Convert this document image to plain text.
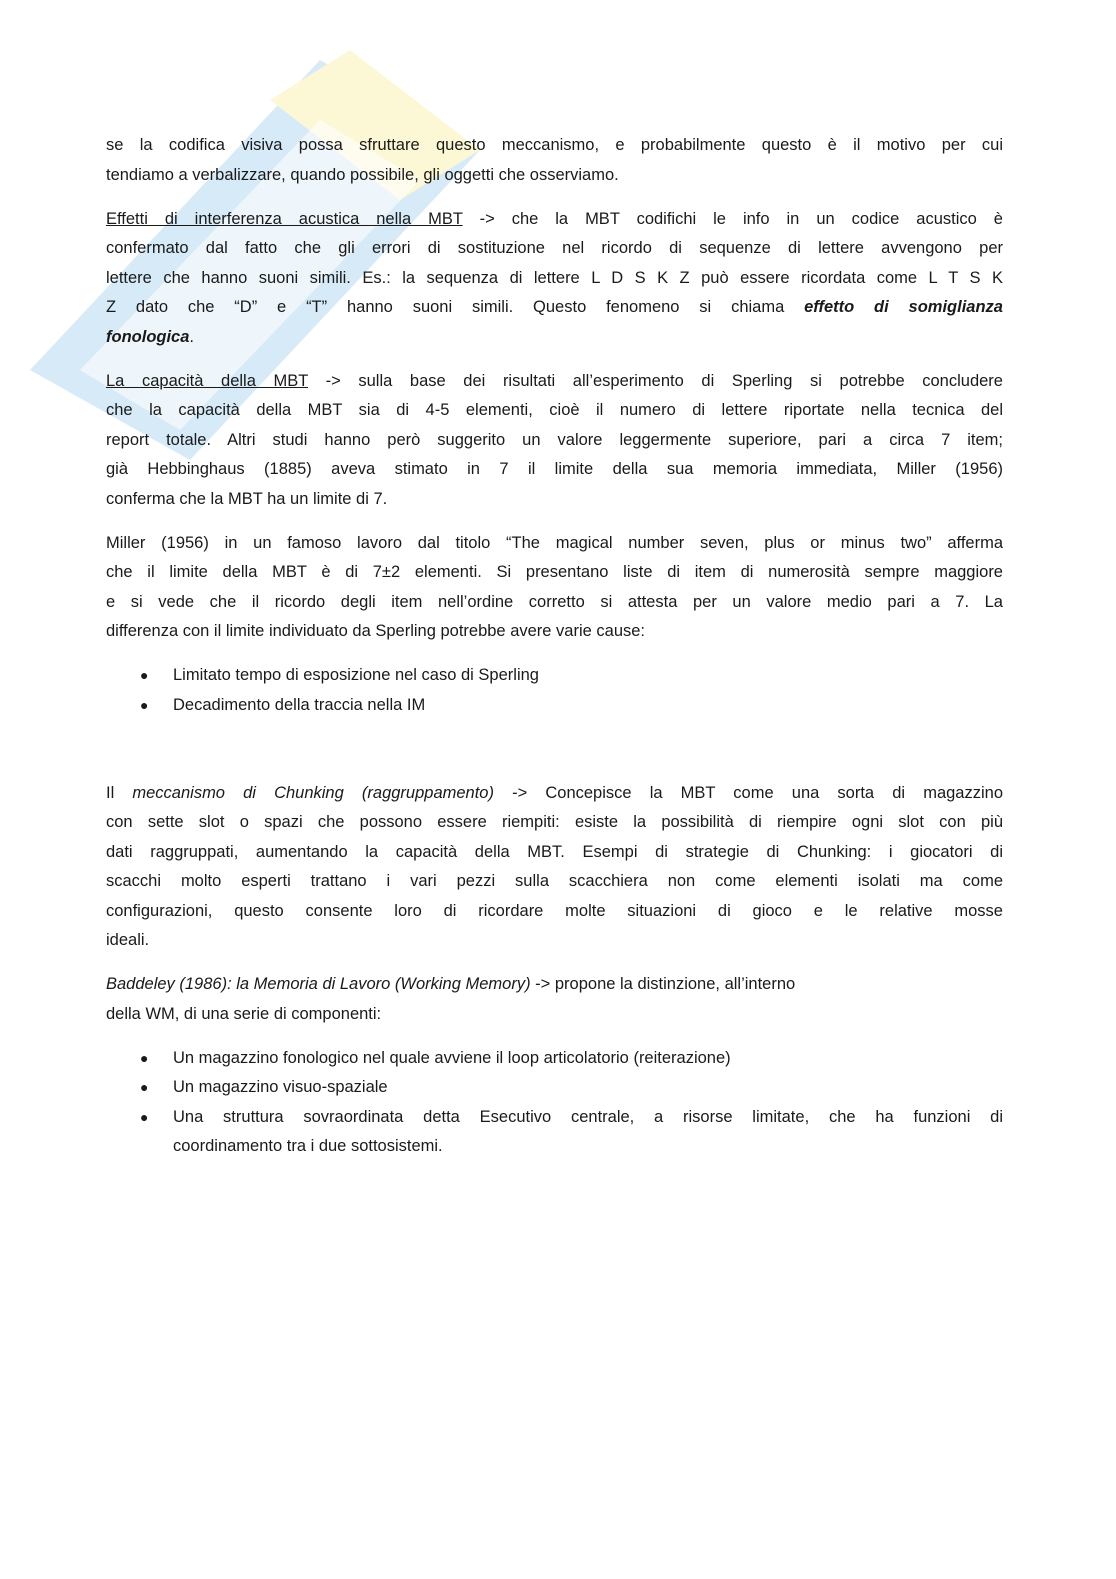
se la codifica visiva possa sfruttare questo meccanismo, e probabilmente questo è il motivo per cui
tendiamo a verbalizzare, quando possibile, gli oggetti che osserviamo.
Effetti di interferenza acustica nella MBT -> che la MBT codifichi le info in un codice acustico è
confermato dal fatto che gli errori di sostituzione nel ricordo di sequenze di lettere avvengono per
lettere che hanno suoni simili. Es.: la sequenza di lettere L D S K Z può essere ricordata come L T S K
Z dato che “D” e “T” hanno suoni simili. Questo fenomeno si chiama effetto di somiglianza
fonologica.
La capacità della MBT -> sulla base dei risultati all’esperimento di Sperling si potrebbe concludere
che la capacità della MBT sia di 4-5 elementi, cioè il numero di lettere riportate nella tecnica del
report totale. Altri studi hanno però suggerito un valore leggermente superiore, pari a circa 7 item;
già Hebbinghaus (1885) aveva stimato in 7 il limite della sua memoria immediata, Miller (1956)
conferma che la MBT ha un limite di 7.
Miller (1956) in un famoso lavoro dal titolo “The magical number seven, plus or minus two” afferma
che il limite della MBT è di 7±2 elementi. Si presentano liste di item di numerosità sempre maggiore
e si vede che il ricordo degli item nell’ordine corretto si attesta per un valore medio pari a 7. La
differenza con il limite individuato da Sperling potrebbe avere varie cause:
● Limitato tempo di esposizione nel caso di Sperling
● Decadimento della traccia nella IM
Il meccanismo di Chunking (raggruppamento) -> Concepisce la MBT come una sorta di magazzino
con sette slot o spazi che possono essere riempiti: esiste la possibilità di riempire ogni slot con più
dati raggruppati, aumentando la capacità della MBT. Esempi di strategie di Chunking: i giocatori di
scacchi molto esperti trattano i vari pezzi sulla scacchiera non come elementi isolati ma come
configurazioni, questo consente loro di ricordare molte situazioni di gioco e le relative mosse
ideali.
Baddeley (1986): la Memoria di Lavoro (Working Memory) -> propone la distinzione, all’interno
della WM, di una serie di componenti:
● Un magazzino fonologico nel quale avviene il loop articolatorio (reiterazione)
● Un magazzino visuo-spaziale
● Una struttura sovraordinata detta Esecutivo centrale, a risorse limitate, che ha funzioni di
coordinamento tra i due sottosistemi.
